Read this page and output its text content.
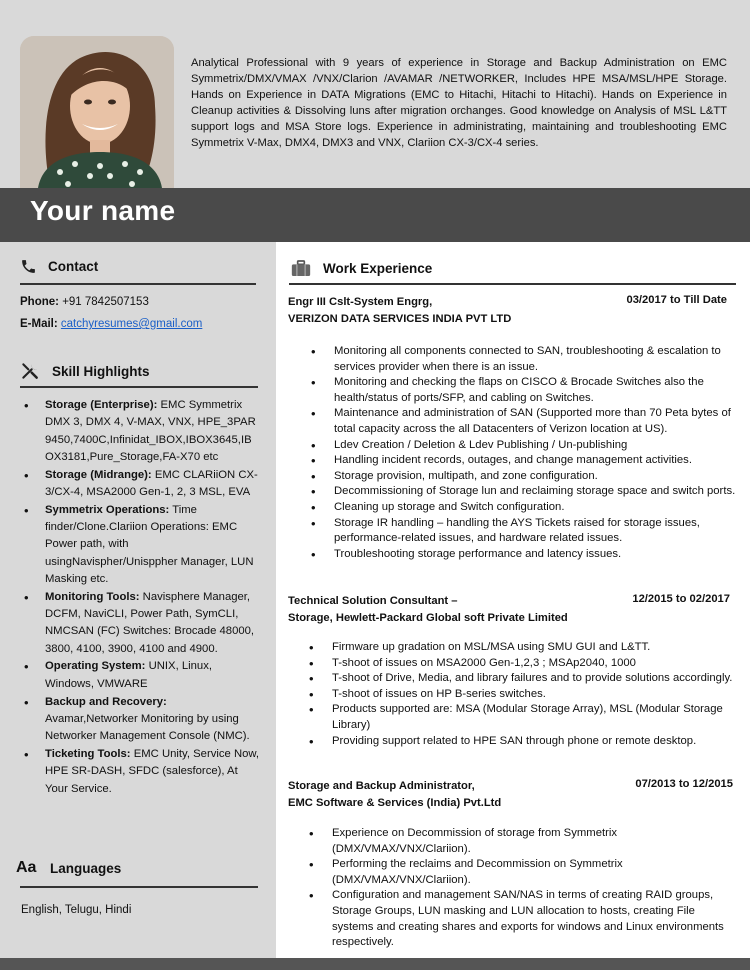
Analytical Professional with 9 years of experience in Storage and Backup Administration on EMC Symmetrix/DMX/VMAX /VNX/Clarion /AVAMAR /NETWORKER, Includes HPE MSA/MSL/HPE Storage. Hands on Experience in DATA Migrations (EMC to Hitachi, Hitachi to Hitachi). Hands on Experience in Cleanup activities & Dissolving luns after migration orchanges. Good knowledge on Analysis of MSL L&TT support logs and MSA Store logs. Experience in administrating, maintaining and troubleshooting EMC Symmetrix V-Max, DMX4, DMX3 and VNX, Clariion CX-3/CX-4 series.
Your name
Contact
Phone: +91 7842507153
E-Mail: catchyresumes@gmail.com
Skill Highlights
• Storage (Enterprise): EMC Symmetrix DMX 3, DMX 4, V-MAX, VNX, HPE_3PAR 9450,7400C,Infinidat_IBOX,IBOX3645,IBOX3181,Pure_Storage,FA-X70 etc
• Storage (Midrange): EMC CLARiiON CX-3/CX-4, MSA2000 Gen-1, 2, 3 MSL, EVA
• Symmetrix Operations: Time finder/Clone.Clariion Operations: EMC Power path, with usingNavispher/Unisppher Manager, LUN Masking etc.
• Monitoring Tools: Navisphere Manager, DCFM, NaviCLI, Power Path, SymCLI, NMCSAN (FC) Switches: Brocade 48000, 3800, 4100, 3900, 4100 and 4900.
• Operating System: UNIX, Linux, Windows, VMWARE
• Backup and Recovery: Avamar,Networker Monitoring by using Networker Management Console (NMC).
• Ticketing Tools: EMC Unity, Service Now, HPE SR-DASH, SFDC (salesforce), At Your Service.
Aa	Languages
English, Telugu, Hindi
Work Experience
Engr III Cslt-System Engrg,
VERIZON DATA SERVICES INDIA PVT LTD
03/2017 to Till Date
• Monitoring all components connected to SAN, troubleshooting & escalation to services provider when there is an issue.
• Monitoring and checking the flaps on CISCO & Brocade Switches also the health/status of ports/SFP, and cabling on Switches.
• Maintenance and administration of SAN (Supported more than 70 Peta bytes of total capacity across the all Datacenters of Verizon location at US).
• Ldev Creation / Deletion & Ldev Publishing / Un-publishing
• Handling incident records, outages, and change management activities.
• Storage provision, multipath, and zone configuration.
• Decommissioning of Storage lun and reclaiming storage space and switch ports.
• Cleaning up storage and Switch configuration.
• Storage IR handling – handling the AYS Tickets raised for storage issues, performance-related issues, and hardware related issues.
• Troubleshooting storage performance and latency issues.
Technical Solution Consultant –
Storage, Hewlett-Packard Global soft Private Limited
12/2015 to 02/2017
• Firmware up gradation on MSL/MSA using SMU GUI and L&TT.
• T-shoot of issues on MSA2000 Gen-1,2,3 ; MSAp2040, 1000
• T-shoot of Drive, Media, and library failures and to provide solutions accordingly.
• T-shoot of issues on HP B-series switches.
• Products supported are: MSA (Modular Storage Array), MSL (Modular Storage Library)
• Providing support related to HPE SAN through phone or remote desktop.
Storage and Backup Administrator,
EMC Software & Services (India) Pvt.Ltd
07/2013 to 12/2015
• Experience on Decommission of storage from Symmetrix (DMX/VMAX/VNX/Clariion).
• Performing the reclaims and Decommission on Symmetrix (DMX/VMAX/VNX/Clariion).
• Configuration and management SAN/NAS in terms of creating RAID groups, Storage Groups, LUN masking and LUN allocation to hosts, creating File systems and creating shares and exports for windows and Linux environments respectively.
